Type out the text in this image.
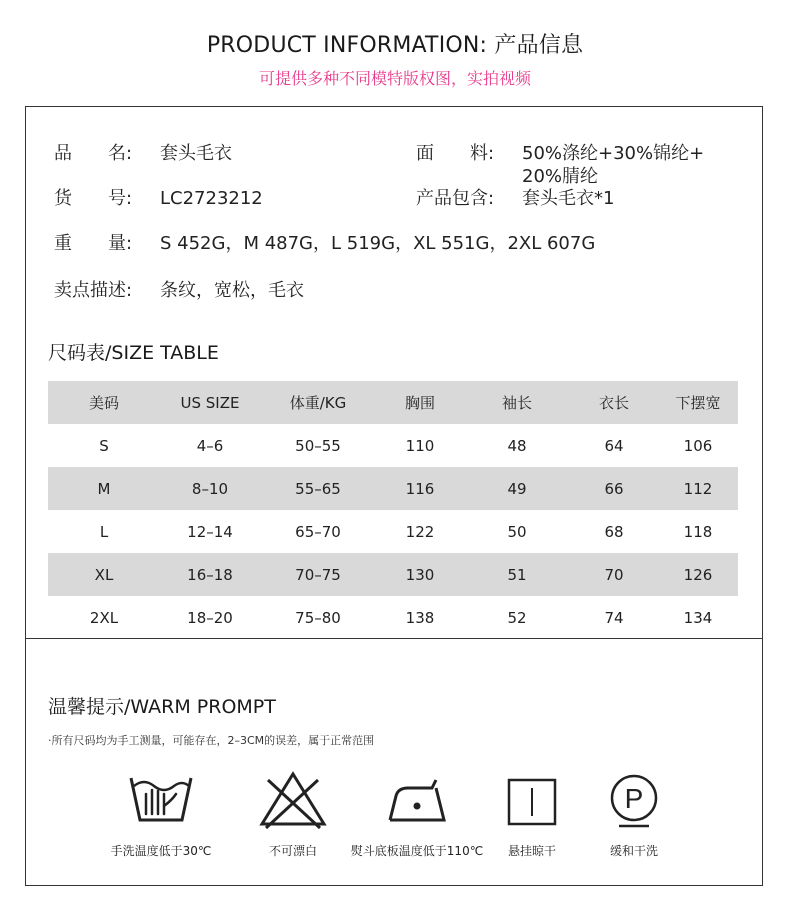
PRODUCT INFORMATION: 产品信息
可提供多种不同模特版权图，实拍视频
品　　名: 套头毛衣	面　　料: 50%涤纶+30%锦纶+
20%腈纶
货　　号: LC2723212	产品包含: 套头毛衣*1
重　　量: S 452G，M 487G，L 519G，XL 551G，2XL 607G
卖点描述: 条纹，宽松，毛衣
尺码表/SIZE TABLE
美码	US SIZE	体重/KG	胸围	袖长	衣长	下摆宽
S	4–6	50–55	110	48	64	106
M	8–10	55–65	116	49	66	112
L	12–14	65–70	122	50	68	118
XL	16–18	70–75	130	51	70	126
2XL	18–20	75–80	138	52	74	134
温馨提示/WARM PROMPT
·所有尺码均为手工测量，可能存在，2–3CM的误差，属于正常范围
手洗温度低于30℃	不可漂白	熨斗底板温度低于110℃	悬挂晾干
P
缓和干洗
